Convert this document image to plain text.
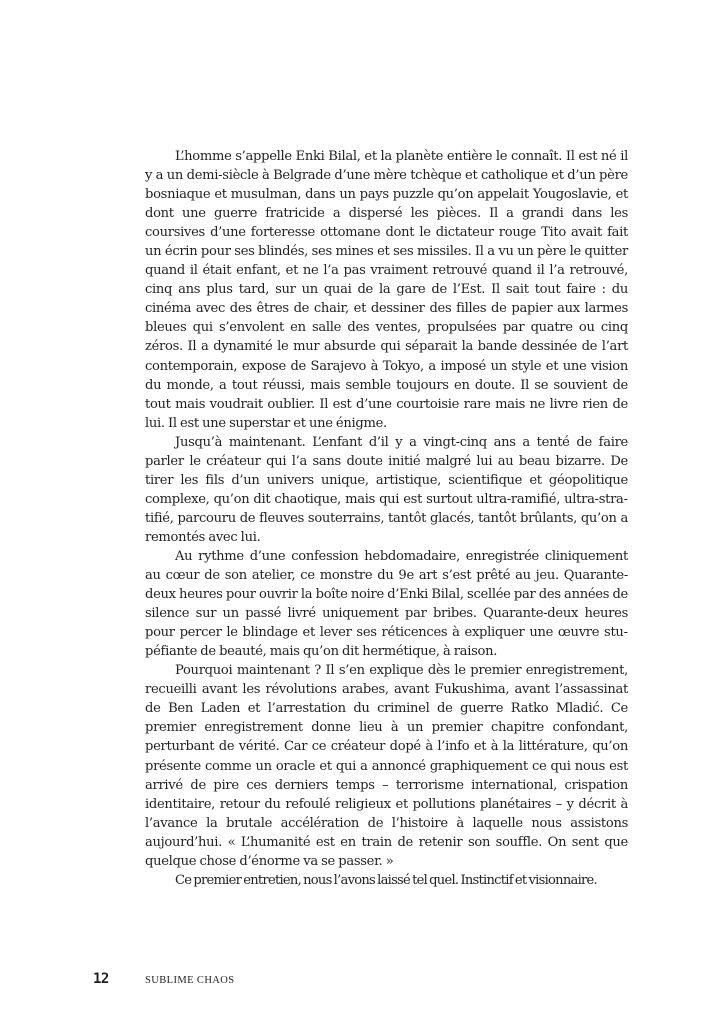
L’homme s’appelle Enki Bilal, et la planète entière le connaît. Il est né il y a un demi-siècle à Belgrade d’une mère tchèque et catholique et d’un père bosniaque et musulman, dans un pays puzzle qu’on appelait Yougoslavie, et dont une guerre fratricide a dispersé les pièces. Il a grandi dans les coursives d’une forteresse ottomane dont le dictateur rouge Tito avait fait un écrin pour ses blindés, ses mines et ses missiles. Il a vu un père le quitter quand il était enfant, et ne l’a pas vraiment retrouvé quand il l’a retrouvé, cinq ans plus tard, sur un quai de la gare de l’Est. Il sait tout faire : du cinéma avec des êtres de chair, et dessiner des filles de papier aux larmes bleues qui s’envolent en salle des ventes, propulsées par quatre ou cinq zéros. Il a dynamité le mur absurde qui séparait la bande dessinée de l’art contemporain, expose de Sarajevo à Tokyo, a imposé un style et une vision du monde, a tout réussi, mais semble toujours en doute. Il se souvient de tout mais voudrait oublier. Il est d’une courtoisie rare mais ne livre rien de lui. Il est une superstar et une énigme.

Jusqu’à maintenant. L’enfant d’il y a vingt-cinq ans a tenté de faire parler le créateur qui l’a sans doute initié malgré lui au beau bizarre. De tirer les fils d’un univers unique, artistique, scientifique et géopolitique complexe, qu’on dit chaotique, mais qui est surtout ultra-ramifié, ultra-stratifié, parcouru de fleuves souterrains, tantôt glacés, tantôt brûlants, qu’on a remontés avec lui.

Au rythme d’une confession hebdomadaire, enregistrée cliniquement au cœur de son atelier, ce monstre du 9e art s’est prêté au jeu. Quarante-deux heures pour ouvrir la boîte noire d’Enki Bilal, scellée par des années de silence sur un passé livré uniquement par bribes. Quarante-deux heures pour percer le blindage et lever ses réticences à expliquer une œuvre stupéfiante de beauté, mais qu’on dit hermétique, à raison.

Pourquoi maintenant ? Il s’en explique dès le premier enregistrement, recueilli avant les révolutions arabes, avant Fukushima, avant l’assassinat de Ben Laden et l’arrestation du criminel de guerre Ratko Mladić. Ce premier enregistrement donne lieu à un premier chapitre confondant, perturbant de vérité. Car ce créateur dopé à l’info et à la littérature, qu’on présente comme un oracle et qui a annoncé graphiquement ce qui nous est arrivé de pire ces derniers temps – terrorisme international, crispation identitaire, retour du refoulé religieux et pollutions planétaires – y décrit à l’avance la brutale accélération de l’histoire à laquelle nous assistons aujourd’hui. « L’humanité est en train de retenir son souffle. On sent que quelque chose d’énorme va se passer. »

Ce premier entretien, nous l’avons laissé tel quel. Instinctif et visionnaire.

12	SUBLIME CHAOS
